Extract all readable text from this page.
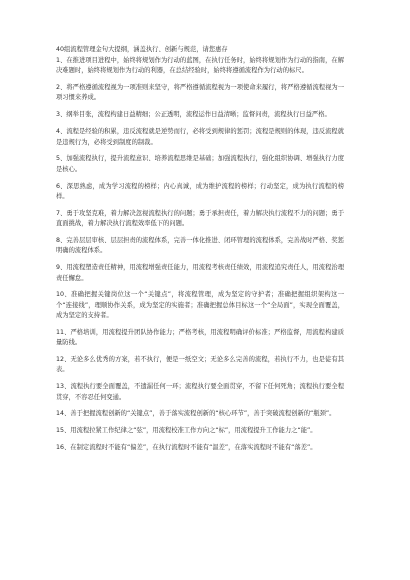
40组流程管理金句大提纲，涵盖执行、创新与规范，请您惠存

1、在推进项目进程中，始终将规划作为行动的蓝图，在执行任务时，始终将规划作为行动的指南，在解决难题时，始终将规划作为行动的利器，在总结经验时，始终将遵循流程作为行动的标尺。

2、将严格遵循流程视为一项准则来坚守，将严格遵循流程视为一项使命来履行，将严格遵循流程视为一项习惯来养成。

3、纲举目张，流程构建日益精细；公正透明，流程运作日益清晰；监督问责，流程执行日益严格。

4、流程是经验的积累，违反流程就是逆势而行，必将受到规律的惩罚；流程是规则的体现，违反流程就是违规行为，必将受到制度的制裁。

5、加强流程执行，提升流程意识、培养流程思维是基础；加强流程执行，强化组织协调、增强执行力度是核心。

6、深思熟虑，成为学习流程的榜样；内心真诚，成为维护流程的榜样；行动坚定，成为执行流程的榜样。

7、勇于攻坚克难，着力解决忽视流程执行的问题；勇于承担责任，着力解决执行流程不力的问题；勇于直面挑战，着力解决执行流程效率低下的问题。

8、完善层层审核、层层担责的流程体系，完善一体化推进、闭环管理的流程体系，完善战时严格、奖惩明确的流程体系。

9、用流程塑造责任精神，用流程增强责任能力，用流程考核责任绩效，用流程追究责任人，用流程治理责任懈怠。

10、准确把握关键岗位这一个“关键点”，将流程管理，成为坚定的守护者；准确把握组织架构这一个“连接线”，理顺协作关系，成为坚定的实施者；准确把握总体目标这一个“全局面”，实现全面覆盖，成为坚定的支持者。

11、严格培训，用流程提升团队协作能力；严格考核，用流程明确评价标准；严格监督，用流程构建质量防线。

12、无论多么优秀的方案，若不执行，便是一纸空文；无论多么完善的流程，若执行不力，也是徒有其表。

13、流程执行要全面覆盖，不遗漏任何一环；流程执行要全面贯穿，不留下任何死角；流程执行要全程贯穿，不容忍任何变通。

14、善于把握流程创新的“关键点”，善于落实流程创新的“核心环节”，善于突破流程创新的“瓶颈”。

15、用流程拉紧工作纪律之“弦”，用流程校准工作方向之“标”，用流程提升工作能力之“能”。

16、在制定流程时不能有“偏差”，在执行流程时不能有“温差”，在落实流程时不能有“落差”。
